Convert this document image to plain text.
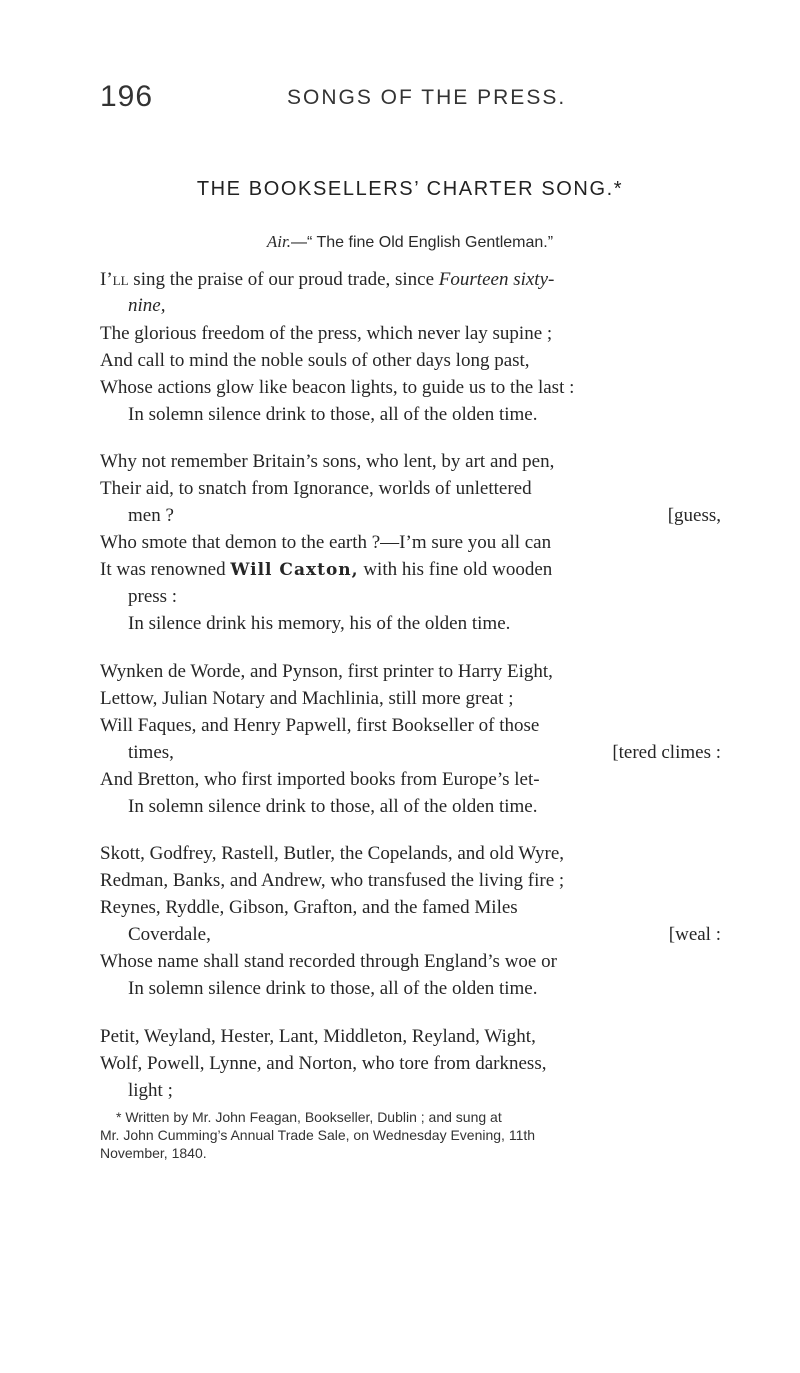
196	SONGS OF THE PRESS.
THE BOOKSELLERS’ CHARTER SONG.*
Air.—“ The fine Old English Gentleman.”
I’ll sing the praise of our proud trade, since Fourteen sixty-
nine,
The glorious freedom of the press, which never lay supine ;
And call to mind the noble souls of other days long past,
Whose actions glow like beacon lights, to guide us to the last :
In solemn silence drink to those, all of the olden time.
Why not remember Britain’s sons, who lent, by art and pen,
Their aid, to snatch from Ignorance, worlds of unlettered
men ?	[guess,
Who smote that demon to the earth ?—I’m sure you all can
It was renowned Will Caxton, with his fine old wooden
press :
In silence drink his memory, his of the olden time.
Wynken de Worde, and Pynson, first printer to Harry Eight,
Lettow, Julian Notary and Machlinia, still more great ;
Will Faques, and Henry Papwell, first Bookseller of those
times,	[tered climes :
And Bretton, who first imported books from Europe’s let-
In solemn silence drink to those, all of the olden time.
Skott, Godfrey, Rastell, Butler, the Copelands, and old Wyre,
Redman, Banks, and Andrew, who transfused the living fire ;
Reynes, Ryddle, Gibson, Grafton, and the famed Miles
Coverdale,	[weal :
Whose name shall stand recorded through England’s woe or
In solemn silence drink to those, all of the olden time.
Petit, Weyland, Hester, Lant, Middleton, Reyland, Wight,
Wolf, Powell, Lynne, and Norton, who tore from darkness,
light ;
* Written by Mr. John Feagan, Bookseller, Dublin ; and sung at
Mr. John Cumming’s Annual Trade Sale, on Wednesday Evening, 11th
November, 1840.
